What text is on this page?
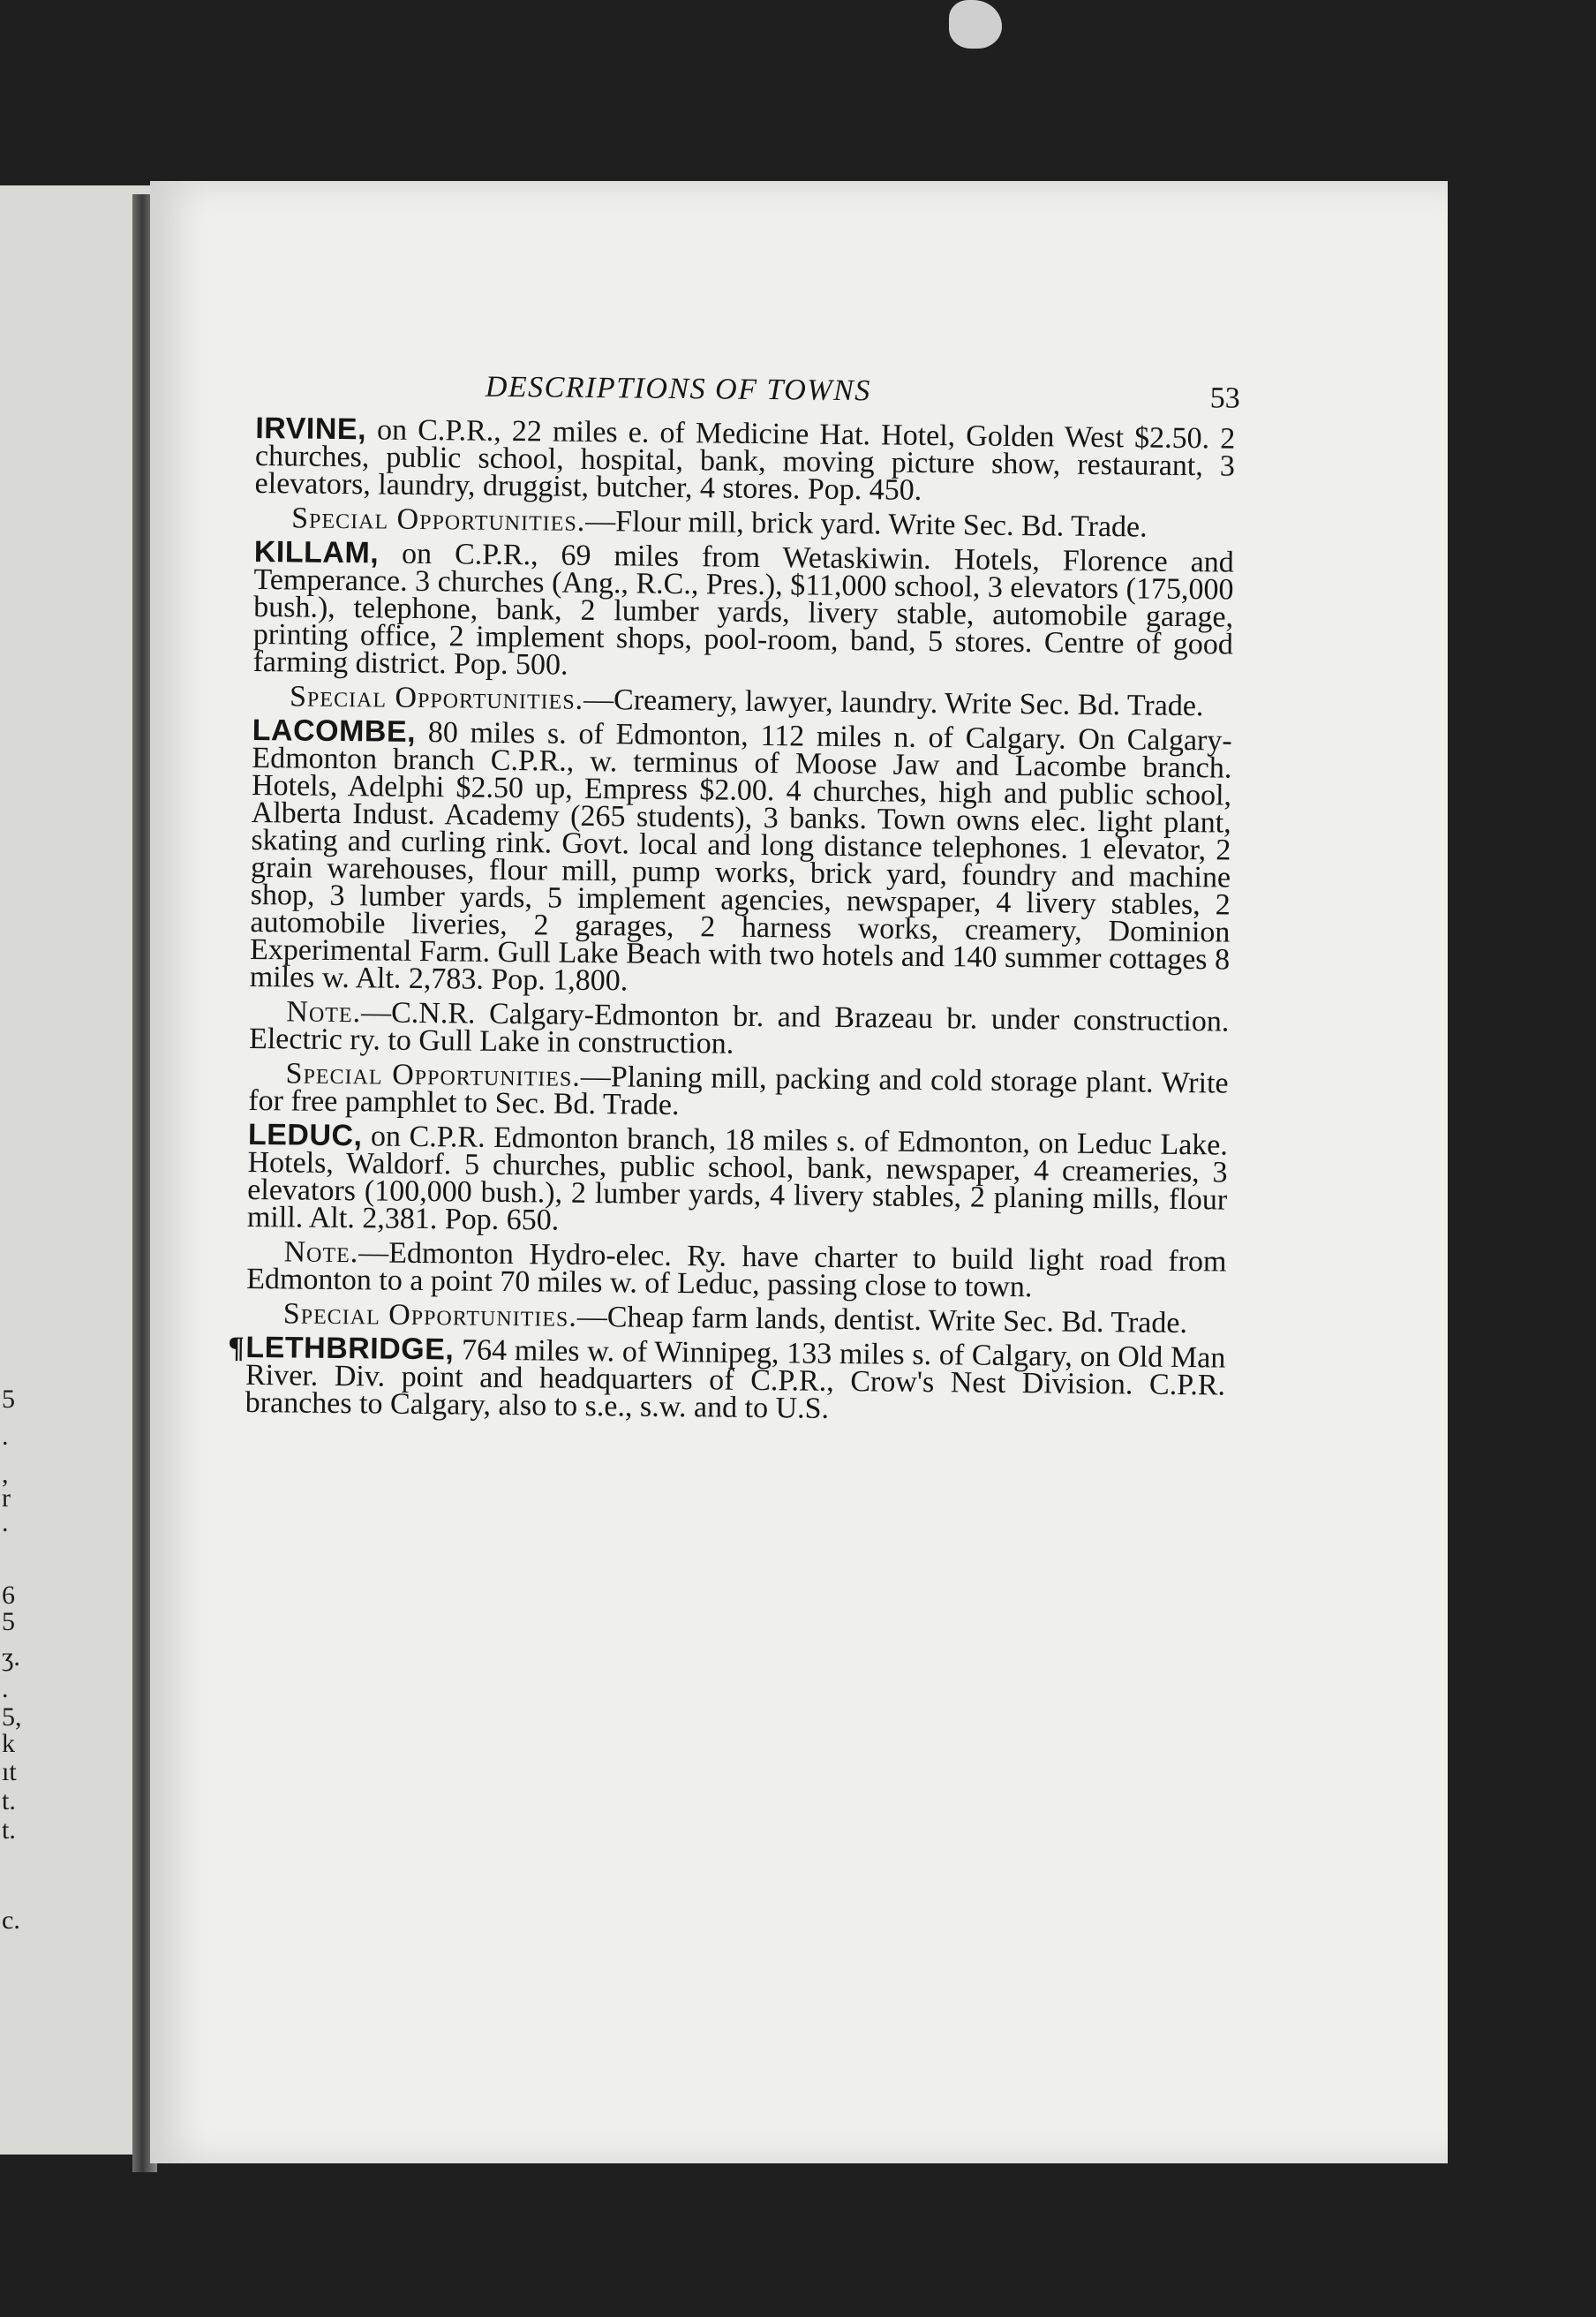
5
.
,
r
.
6
5
ʒ.
.
5,
k
ıt
t.
t.
c.
DESCRIPTIONS OF TOWNS	53
IRVINE, on C.P.R., 22 miles e. of Medicine Hat. Hotel, Golden West $2.50. 2 churches, public school, hospital, bank, moving picture show, restaurant, 3 elevators, laundry, druggist, butcher, 4 stores. Pop. 450.
Special Opportunities.—Flour mill, brick yard. Write Sec. Bd. Trade.
KILLAM, on C.P.R., 69 miles from Wetaskiwin. Hotels, Florence and Temperance. 3 churches (Ang., R.C., Pres.), $11,000 school, 3 elevators (175,000 bush.), telephone, bank, 2 lumber yards, livery stable, automobile garage, printing office, 2 implement shops, pool-room, band, 5 stores. Centre of good farming district. Pop. 500.
Special Opportunities.—Creamery, lawyer, laundry. Write Sec. Bd. Trade.
LACOMBE, 80 miles s. of Edmonton, 112 miles n. of Calgary. On Calgary-Edmonton branch C.P.R., w. terminus of Moose Jaw and Lacombe branch. Hotels, Adelphi $2.50 up, Empress $2.00. 4 churches, high and public school, Alberta Indust. Academy (265 students), 3 banks. Town owns elec. light plant, skating and curling rink. Govt. local and long distance telephones. 1 elevator, 2 grain warehouses, flour mill, pump works, brick yard, foundry and machine shop, 3 lumber yards, 5 implement agencies, newspaper, 4 livery stables, 2 automobile liveries, 2 garages, 2 harness works, creamery, Dominion Experimental Farm. Gull Lake Beach with two hotels and 140 summer cottages 8 miles w. Alt. 2,783. Pop. 1,800.
Note.—C.N.R. Calgary-Edmonton br. and Brazeau br. under construction. Electric ry. to Gull Lake in construction.
Special Opportunities.—Planing mill, packing and cold storage plant. Write for free pamphlet to Sec. Bd. Trade.
LEDUC, on C.P.R. Edmonton branch, 18 miles s. of Edmonton, on Leduc Lake. Hotels, Waldorf. 5 churches, public school, bank, newspaper, 4 creameries, 3 elevators (100,000 bush.), 2 lumber yards, 4 livery stables, 2 planing mills, flour mill. Alt. 2,381. Pop. 650.
Note.—Edmonton Hydro-elec. Ry. have charter to build light road from Edmonton to a point 70 miles w. of Leduc, passing close to town.
Special Opportunities.—Cheap farm lands, dentist. Write Sec. Bd. Trade.
¶ LETHBRIDGE, 764 miles w. of Winnipeg, 133 miles s. of Calgary, on Old Man River. Div. point and headquarters of C.P.R., Crow's Nest Division. C.P.R. branches to Calgary, also to s.e., s.w. and to U.S.
